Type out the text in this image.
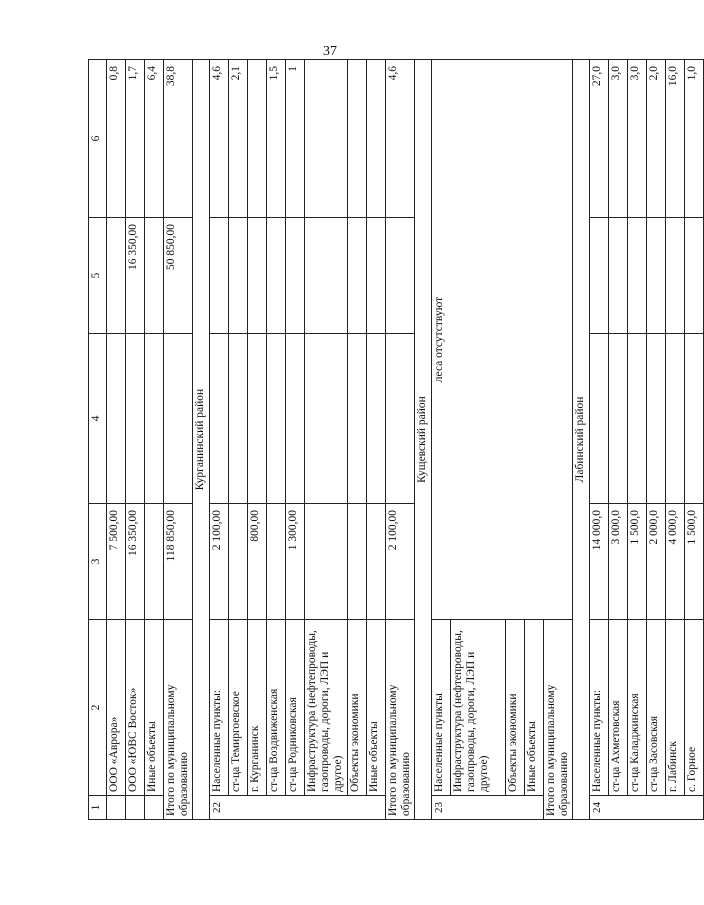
37
1	2	3	4	5	6
	ООО «Аврора»	7 500,00			0,8
	ООО «ЮВС Восток»	16 350,00		16 350,00	1,7
	Иные объекты				6,4
Итого по муниципальному образованию		118 850,00		50 850,00	38,8
Курганинский район					
22	Населенные пункты:	2 100,00			4,6
	ст-ца Темиргоевское				2,1
	г. Курганинск	800,00			
	ст-ца Воздвиженская				1,5
	ст-ца Родниковская	1 300,00			1
	Инфраструктура (нефтепроводы, газопроводы, дороги, ЛЭП и другое)				
	Объекты экономики				
	Иные объекты				
Итого по муниципальному образованию		2 100,00			4,6
Кущевский район					
23	Населенные пункты	леса отсутствуют			
	Инфраструктура (нефтепроводы, газопроводы, дороги, ЛЭП и другое)				
	Объекты экономики				
	Иные объекты				
Итого по муниципальному образованию					
Лабинский район					
24	Населенные пункты:	14 000,0			27,0
	ст-ца Ахметовская	3 000,0			3,0
	ст-ца Каладжинская	1 500,0			3,0
	ст-ца Засовская	2 000,0			2,0
	г. Лабинск	4 000,0			16,0
	с. Горное	1 500,0			1,0
